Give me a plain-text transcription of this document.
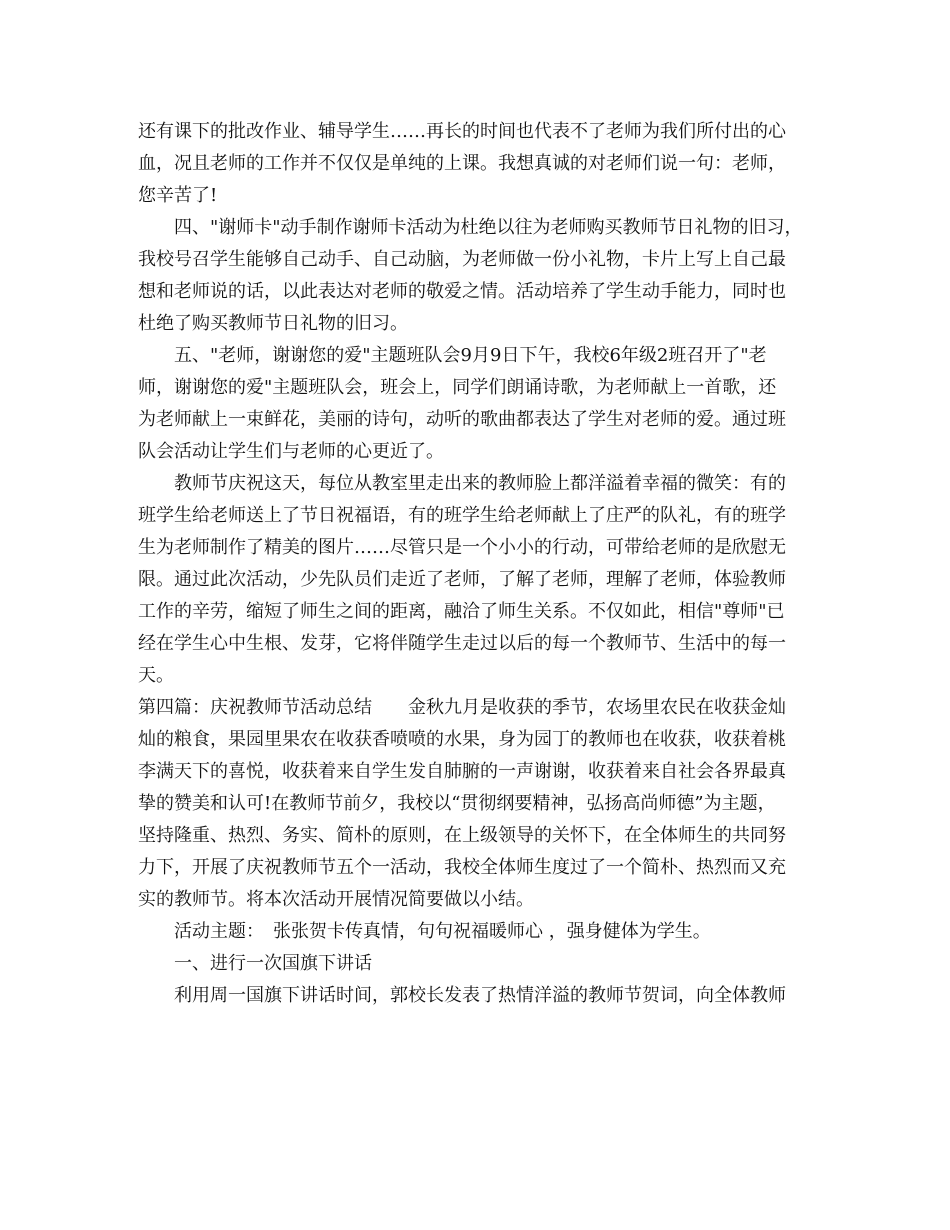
还有课下的批改作业、辅导学生……再长的时间也代表不了老师为我们所付出的心
血，况且老师的工作并不仅仅是单纯的上课。我想真诚的对老师们说一句：老师，
您辛苦了!
四、"谢师卡"动手制作谢师卡活动为杜绝以往为老师购买教师节日礼物的旧习，
我校号召学生能够自己动手、自己动脑，为老师做一份小礼物，卡片上写上自己最
想和老师说的话，以此表达对老师的敬爱之情。活动培养了学生动手能力，同时也
杜绝了购买教师节日礼物的旧习。
五、"老师，谢谢您的爱"主题班队会9月9日下午，我校6年级2班召开了"老
师，谢谢您的爱"主题班队会，班会上，同学们朗诵诗歌，为老师献上一首歌，还
为老师献上一束鲜花，美丽的诗句，动听的歌曲都表达了学生对老师的爱。通过班
队会活动让学生们与老师的心更近了。
教师节庆祝这天，每位从教室里走出来的教师脸上都洋溢着幸福的微笑：有的
班学生给老师送上了节日祝福语，有的班学生给老师献上了庄严的队礼，有的班学
生为老师制作了精美的图片……尽管只是一个小小的行动，可带给老师的是欣慰无
限。通过此次活动，少先队员们走近了老师，了解了老师，理解了老师，体验教师
工作的辛劳，缩短了师生之间的距离，融洽了师生关系。不仅如此，相信"尊师"已
经在学生心中生根、发芽，它将伴随学生走过以后的每一个教师节、生活中的每一
天。
第四篇：庆祝教师节活动总结　　金秋九月是收获的季节，农场里农民在收获金灿
灿的粮食，果园里果农在收获香喷喷的水果，身为园丁的教师也在收获，收获着桃
李满天下的喜悦，收获着来自学生发自肺腑的一声谢谢，收获着来自社会各界最真
挚的赞美和认可!在教师节前夕，我校以“贯彻纲要精神，弘扬高尚师德”为主题，
坚持隆重、热烈、务实、简朴的原则，在上级领导的关怀下，在全体师生的共同努
力下，开展了庆祝教师节五个一活动，我校全体师生度过了一个简朴、热烈而又充
实的教师节。将本次活动开展情况简要做以小结。
活动主题：　张张贺卡传真情，句句祝福暖师心 ，强身健体为学生。
一、进行一次国旗下讲话
利用周一国旗下讲话时间，郭校长发表了热情洋溢的教师节贺词，向全体教师
